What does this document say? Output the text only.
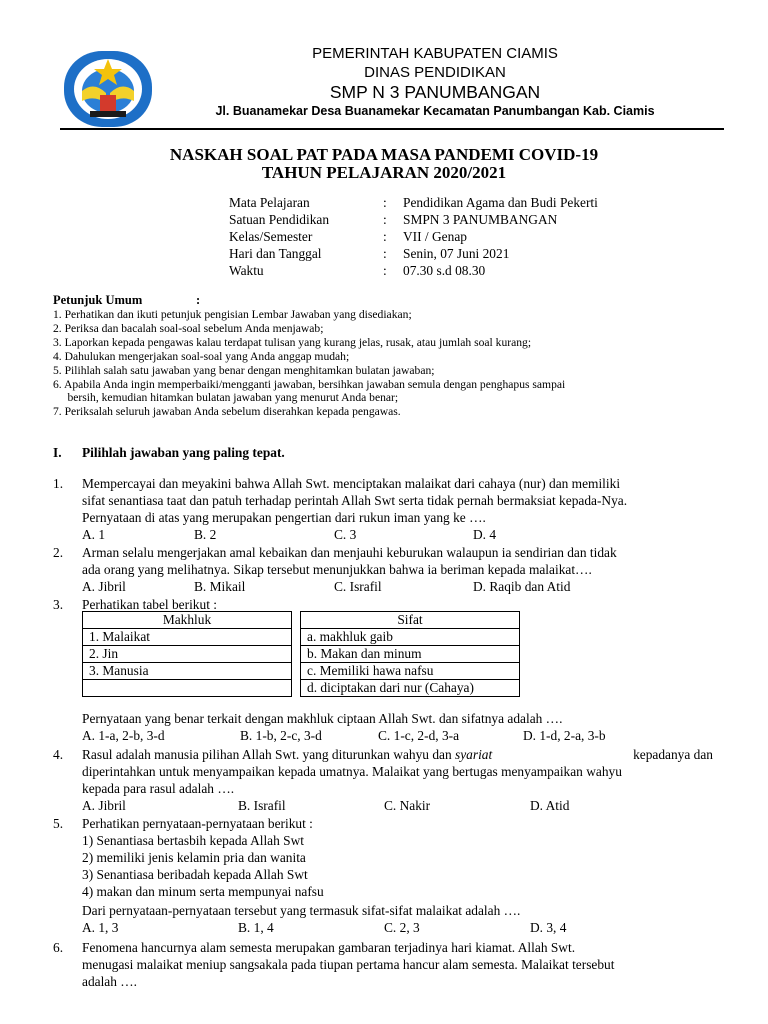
PEMERINTAH KABUPATEN CIAMIS
DINAS PENDIDIKAN
SMP N 3 PANUMBANGAN
Jl. Buanamekar Desa Buanamekar Kecamatan Panumbangan Kab. Ciamis
NASKAH SOAL PAT PADA MASA PANDEMI COVID-19
TAHUN PELAJARAN 2020/2021
Mata Pelajaran	: Pendidikan Agama dan Budi Pekerti
Satuan Pendidikan	: SMPN 3 PANUMBANGAN
Kelas/Semester	: VII / Genap
Hari dan Tanggal	: Senin, 07 Juni 2021
Waktu	: 07.30 s.d 08.30
Petunjuk Umum	:
1. Perhatikan dan ikuti petunjuk pengisian Lembar Jawaban yang disediakan;
2. Periksa dan bacalah soal-soal sebelum Anda menjawab;
3. Laporkan kepada pengawas kalau terdapat tulisan yang kurang jelas, rusak, atau jumlah soal kurang;
4. Dahulukan mengerjakan soal-soal yang Anda anggap mudah;
5. Pilihlah salah satu jawaban yang benar dengan menghitamkan bulatan jawaban;
6. Apabila Anda ingin memperbaiki/mengganti jawaban, bersihkan jawaban semula dengan penghapus sampai
bersih, kemudian hitamkan bulatan jawaban yang menurut Anda benar;
7. Periksalah seluruh jawaban Anda sebelum diserahkan kepada pengawas.
I. Pilihlah jawaban yang paling tepat.
1. Mempercayai dan meyakini bahwa Allah Swt. menciptakan malaikat dari cahaya (nur) dan memiliki
sifat senantiasa taat dan patuh terhadap perintah Allah Swt serta tidak pernah bermaksiat kepada-Nya.
Pernyataan di atas yang merupakan pengertian dari rukun iman yang ke ….
A. 1	B. 2	C. 3	D. 4
2. Arman selalu mengerjakan amal kebaikan dan menjauhi keburukan walaupun ia sendirian dan tidak
ada orang yang melihatnya. Sikap tersebut menunjukkan bahwa ia beriman kepada malaikat….
A. Jibril	B. Mikail	C. Israfil	D. Raqib dan Atid
3. Perhatikan tabel berikut :
Makhluk		Sifat
1. Malaikat		a. makhluk gaib
2. Jin		b. Makan dan minum
3. Manusia		c. Memiliki hawa nafsu
		d. diciptakan dari nur (Cahaya)
Pernyataan yang benar terkait dengan makhluk ciptaan Allah Swt. dan sifatnya adalah ….
A. 1-a, 2-b, 3-d	B. 1-b, 2-c, 3-d	C. 1-c, 2-d, 3-a	D. 1-d, 2-a, 3-b
4. Rasul adalah manusia pilihan Allah Swt. yang diturunkan wahyu dan syariat	kepadanya dan
diperintahkan untuk menyampaikan kepada umatnya. Malaikat yang bertugas menyampaikan wahyu
kepada para rasul adalah ….
A. Jibril	B. Israfil	C. Nakir	D. Atid
5. Perhatikan pernyataan-pernyataan berikut :
1) Senantiasa bertasbih kepada Allah Swt
2) memiliki jenis kelamin pria dan wanita
3) Senantiasa beribadah kepada Allah Swt
4) makan dan minum serta mempunyai nafsu
Dari pernyataan-pernyataan tersebut yang termasuk sifat-sifat malaikat adalah ….
A. 1, 3	B. 1, 4	C. 2, 3	D. 3, 4
6. Fenomena hancurnya alam semesta merupakan gambaran terjadinya hari kiamat. Allah Swt.
menugasi malaikat meniup sangsakala pada tiupan pertama hancur alam semesta. Malaikat tersebut
adalah ….
